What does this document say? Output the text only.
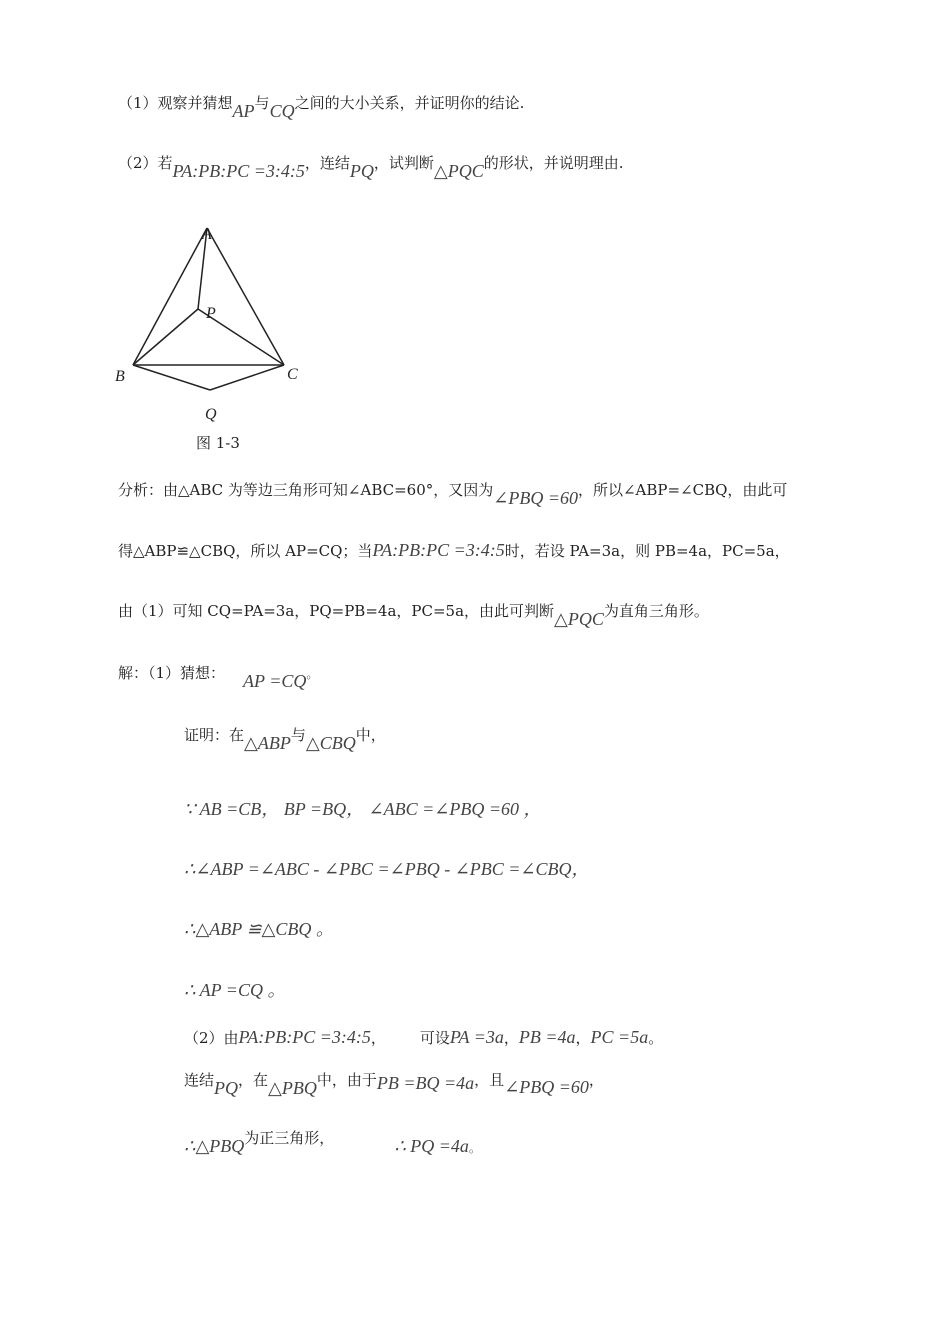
（1）观察并猜想AP与CQ之间的大小关系，并证明你的结论.
（2）若PA:PB:PC =3:4:5，连结PQ，试判断△PQC的形状，并说明理由.
A
P
B	C
Q
图 1-3
分析：由△ABC 为等边三角形可知∠ABC=60°，又因为∠PBQ =60，所以∠ABP=∠CBQ，由此可
得△ABP≌△CBQ，所以 AP=CQ；当PA:PB:PC =3:4:5时，若设 PA=3a，则 PB=4a，PC=5a，
由（1）可知 CQ=PA=3a，PQ=PB=4a，PC=5a，由此可判断△PQC为直角三角形。
解：（1）猜想： AP =CQ。
证明：在△ABP与△CBQ中，
∵ AB =CB， BP =BQ， ∠ABC =∠PBQ =60 ，
∴∠ABP =∠ABC - ∠PBC =∠PBQ - ∠PBC =∠CBQ，
∴△ABP ≌△CBQ 。
∴ AP =CQ 。
（2）由PA:PB:PC =3:4:5， 可设PA =3a，PB =4a，PC =5a。
连结PQ，在△PBQ中，由于PB =BQ =4a，且∠PBQ =60，
∴△PBQ为正三角形，	∴ PQ $=4a_。$
